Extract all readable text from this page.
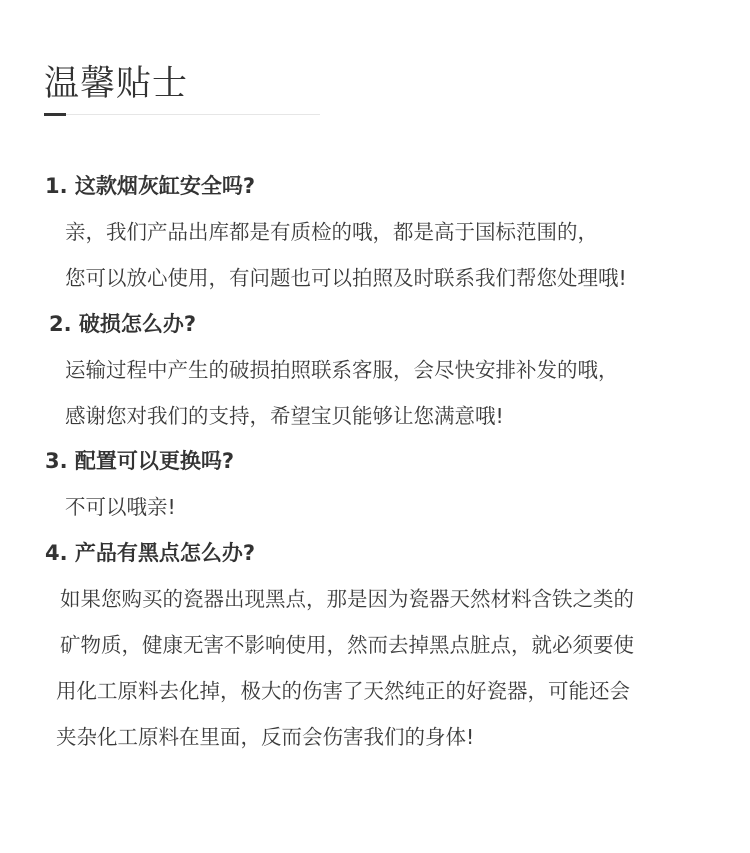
温馨贴士
1. 这款烟灰缸安全吗?
亲，我们产品出库都是有质检的哦，都是高于国标范围的，
您可以放心使用，有问题也可以拍照及时联系我们帮您处理哦!
2. 破损怎么办?
运输过程中产生的破损拍照联系客服，会尽快安排补发的哦，
感谢您对我们的支持，希望宝贝能够让您满意哦!
3. 配置可以更换吗?
不可以哦亲!
4. 产品有黑点怎么办?
如果您购买的瓷器出现黑点，那是因为瓷器天然材料含铁之类的
矿物质，健康无害不影响使用，然而去掉黑点脏点，就必须要使
用化工原料去化掉，极大的伤害了天然纯正的好瓷器，可能还会
夹杂化工原料在里面，反而会伤害我们的身体!
